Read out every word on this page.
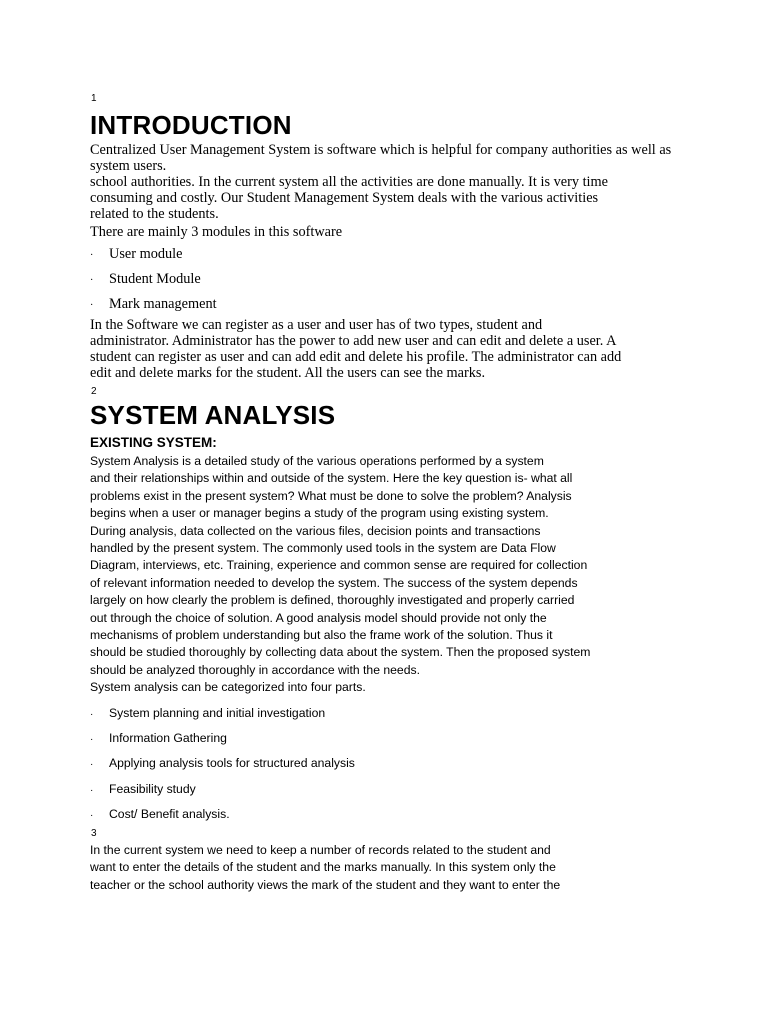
1
INTRODUCTION
Centralized User Management System is software which is helpful for company authorities as well as
system users.
school authorities. In the current system all the activities are done manually. It is very time
consuming and costly. Our Student Management System deals with the various activities
related to the students.
There are mainly 3 modules in this software
·	User module
·	Student Module
·	Mark management
In the Software we can register as a user and user has of two types, student and
administrator. Administrator has the power to add new user and can edit and delete a user. A
student can register as user and can add edit and delete his profile. The administrator can add
edit and delete marks for the student. All the users can see the marks.
2
SYSTEM ANALYSIS
EXISTING SYSTEM:
System Analysis is a detailed study of the various operations performed by a system
and their relationships within and outside of the system. Here the key question is- what all
problems exist in the present system? What must be done to solve the problem? Analysis
begins when a user or manager begins a study of the program using existing system.
During analysis, data collected on the various files, decision points and transactions
handled by the present system. The commonly used tools in the system are Data Flow
Diagram, interviews, etc. Training, experience and common sense are required for collection
of relevant information needed to develop the system. The success of the system depends
largely on how clearly the problem is defined, thoroughly investigated and properly carried
out through the choice of solution. A good analysis model should provide not only the
mechanisms of problem understanding but also the frame work of the solution. Thus it
should be studied thoroughly by collecting data about the system. Then the proposed system
should be analyzed thoroughly in accordance with the needs.
System analysis can be categorized into four parts.
·	System planning and initial investigation
·	Information Gathering
·	Applying analysis tools for structured analysis
·	Feasibility study
·	Cost/ Benefit analysis.
3
In the current system we need to keep a number of records related to the student and
want to enter the details of the student and the marks manually. In this system only the
teacher or the school authority views the mark of the student and they want to enter the
